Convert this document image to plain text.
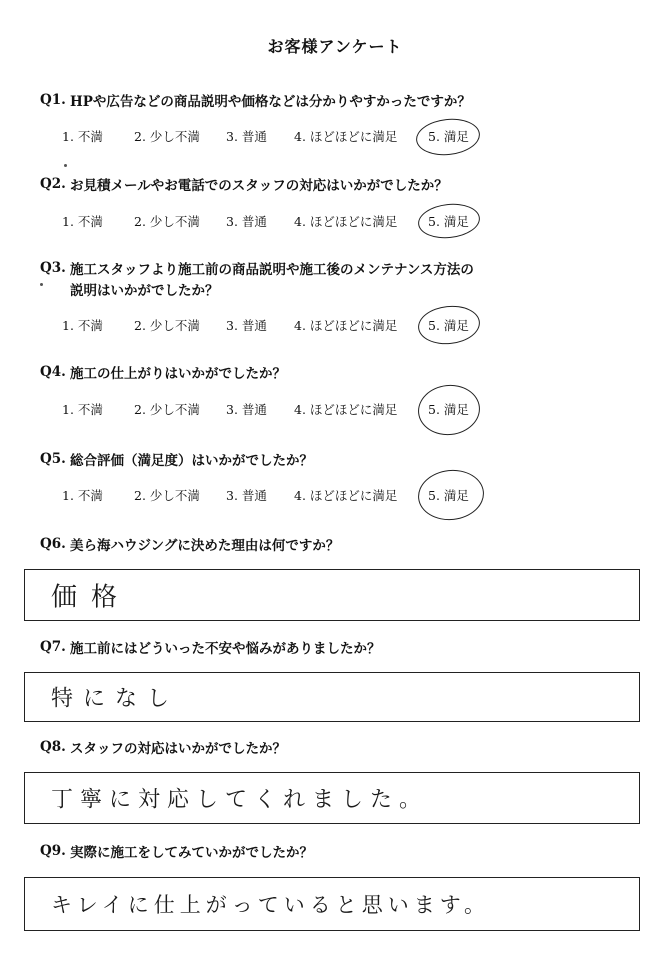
お客様アンケート
Q1. HPや広告などの商品説明や価格などは分かりやすかったですか？
1. 不満 2. 少し不満 3. 普通 4. ほどほどに満足 5. 満足
Q2. お見積メールやお電話でのスタッフの対応はいかがでしたか？
1. 不満 2. 少し不満 3. 普通 4. ほどほどに満足 5. 満足
Q3. 施工スタッフより施工前の商品説明や施工後のメンテナンス方法の
説明はいかがでしたか？
1. 不満 2. 少し不満 3. 普通 4. ほどほどに満足 5. 満足
Q4. 施工の仕上がりはいかがでしたか？
1. 不満 2. 少し不満 3. 普通 4. ほどほどに満足 5. 満足
Q5. 総合評価（満足度）はいかがでしたか？
1. 不満 2. 少し不満 3. 普通 4. ほどほどに満足 5. 満足
Q6. 美ら海ハウジングに決めた理由は何ですか？
価格
Q7. 施工前にはどういった不安や悩みがありましたか？
特になし
Q8. スタッフの対応はいかがでしたか？
丁寧に対応してくれました。
Q9. 実際に施工をしてみていかがでしたか？
キレイに仕上がっていると思います。
